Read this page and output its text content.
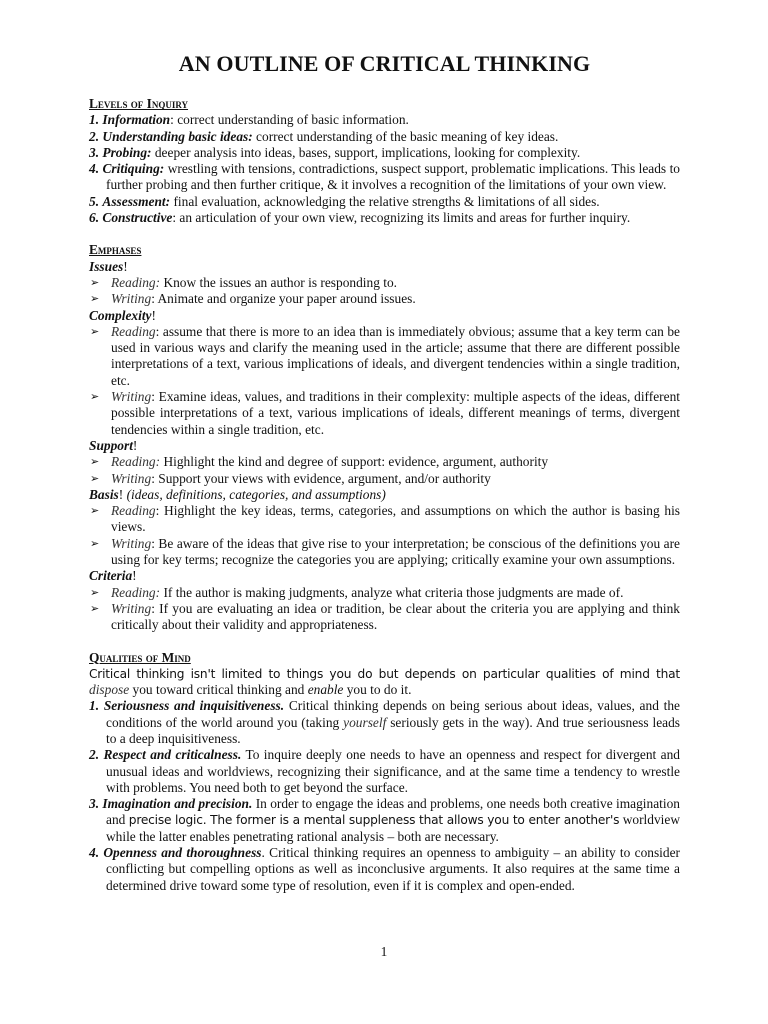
AN OUTLINE OF CRITICAL THINKING

Levels of Inquiry

1. Information: correct understanding of basic information.

2. Understanding basic ideas: correct understanding of the basic meaning of key ideas.

3. Probing: deeper analysis into ideas, bases, support, implications, looking for complexity.

4. Critiquing: wrestling with tensions, contradictions, suspect support, problematic implications. This leads to further probing and then further critique, & it involves a recognition of the limitations of your own view.

5. Assessment: final evaluation, acknowledging the relative strengths & limitations of all sides.

6. Constructive: an articulation of your own view, recognizing its limits and areas for further inquiry.

Emphases

Issues!

➢ Reading: Know the issues an author is responding to.

➢ Writing: Animate and organize your paper around issues.

Complexity!

➢ Reading: assume that there is more to an idea than is immediately obvious; assume that a key term can be used in various ways and clarify the meaning used in the article; assume that there are different possible interpretations of a text, various implications of ideals, and divergent tendencies within a single tradition, etc.

➢ Writing: Examine ideas, values, and traditions in their complexity: multiple aspects of the ideas, different possible interpretations of a text, various implications of ideals, different meanings of terms, divergent tendencies within a single tradition, etc.

Support!

➢ Reading: Highlight the kind and degree of support: evidence, argument, authority

➢ Writing: Support your views with evidence, argument, and/or authority

Basis! (ideas, definitions, categories, and assumptions)

➢ Reading: Highlight the key ideas, terms, categories, and assumptions on which the author is basing his views.

➢ Writing: Be aware of the ideas that give rise to your interpretation; be conscious of the definitions you are using for key terms; recognize the categories you are applying; critically examine your own assumptions.

Criteria!

➢ Reading: If the author is making judgments, analyze what criteria those judgments are made of.

➢ Writing: If you are evaluating an idea or tradition, be clear about the criteria you are applying and think critically about their validity and appropriateness.

Qualities of Mind

Critical thinking isn't limited to things you do but depends on particular qualities of mind that dispose you toward critical thinking and enable you to do it.

1. Seriousness and inquisitiveness. Critical thinking depends on being serious about ideas, values, and the conditions of the world around you (taking yourself seriously gets in the way). And true seriousness leads to a deep inquisitiveness.

2. Respect and criticalness. To inquire deeply one needs to have an openness and respect for divergent and unusual ideas and worldviews, recognizing their significance, and at the same time a tendency to wrestle with problems. You need both to get beyond the surface.

3. Imagination and precision. In order to engage the ideas and problems, one needs both creative imagination and precise logic. The former is a mental suppleness that allows you to enter another's worldview while the latter enables penetrating rational analysis – both are necessary.

4. Openness and thoroughness. Critical thinking requires an openness to ambiguity – an ability to consider conflicting but compelling options as well as inconclusive arguments. It also requires at the same time a determined drive toward some type of resolution, even if it is complex and open-ended.

1
